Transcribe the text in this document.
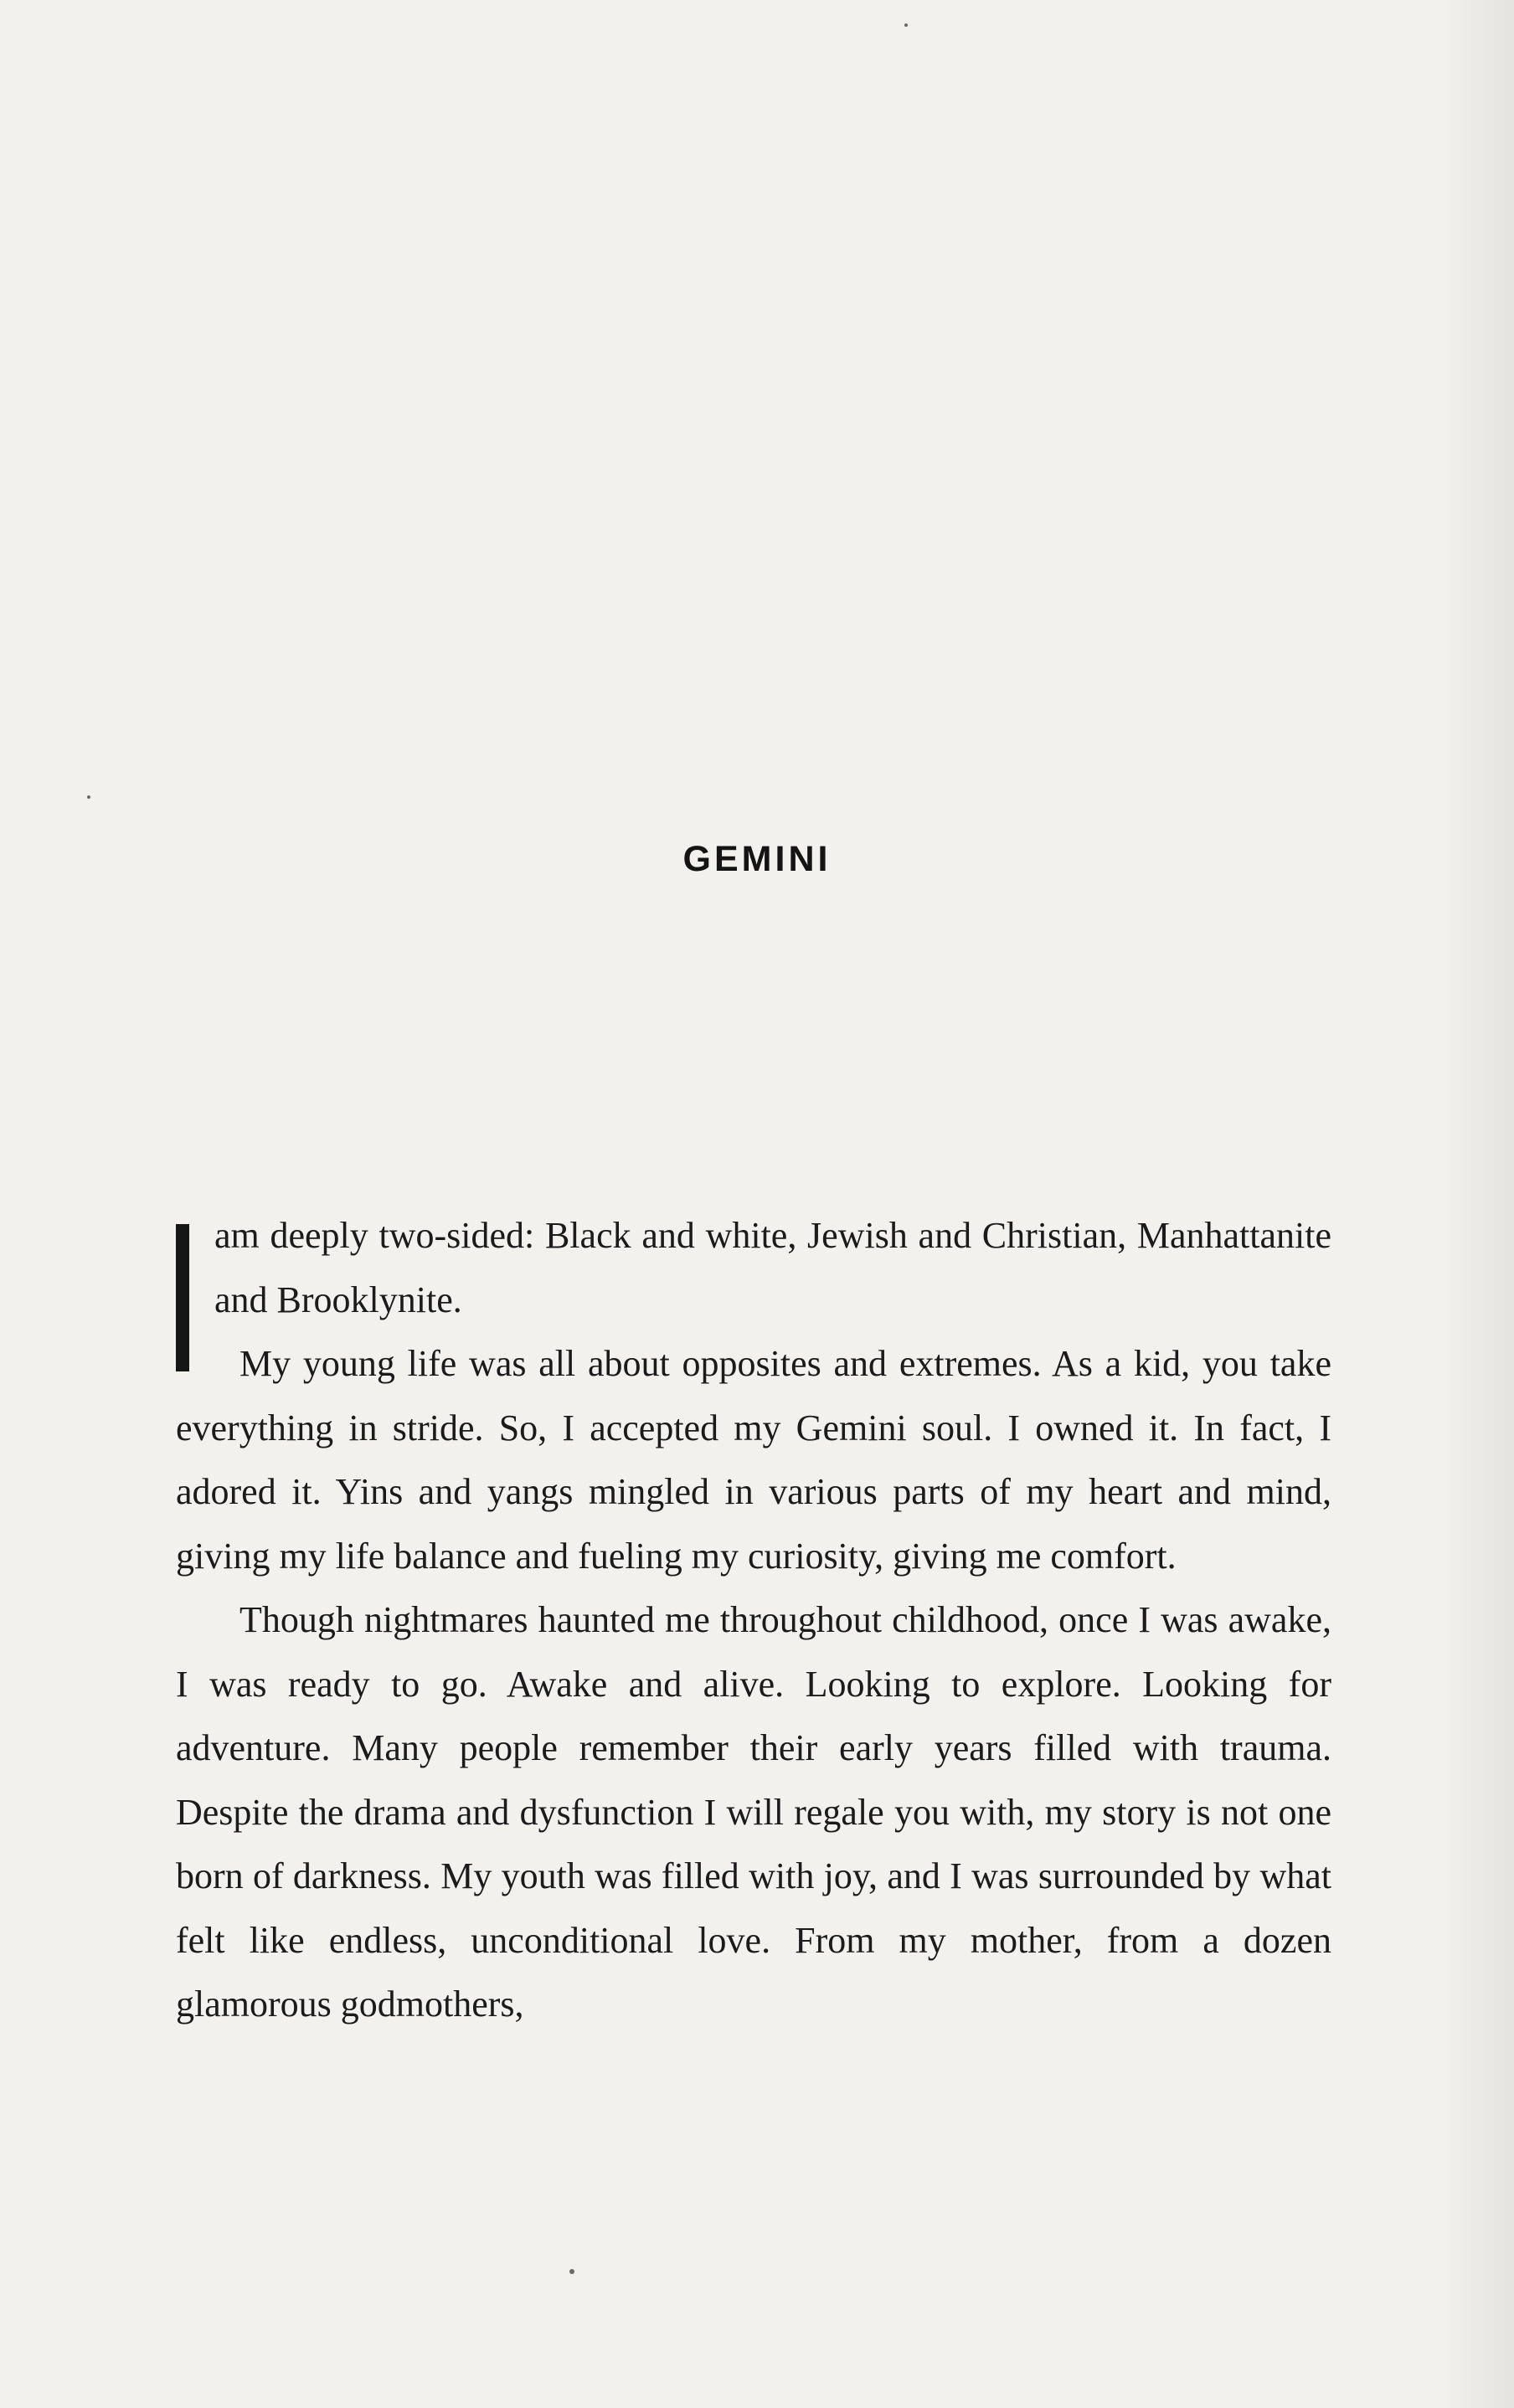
GEMINI

am deeply two-sided: Black and white, Jewish and Christian, Manhattanite and Brooklynite.

My young life was all about opposites and extremes. As a kid, you take everything in stride. So, I accepted my Gemini soul. I owned it. In fact, I adored it. Yins and yangs mingled in various parts of my heart and mind, giving my life balance and fueling my curiosity, giving me comfort.

Though nightmares haunted me throughout childhood, once I was awake, I was ready to go. Awake and alive. Looking to explore. Looking for adventure. Many people remember their early years filled with trauma. Despite the drama and dysfunction I will regale you with, my story is not one born of darkness. My youth was filled with joy, and I was surrounded by what felt like endless, unconditional love. From my mother, from a dozen glamorous godmothers,
